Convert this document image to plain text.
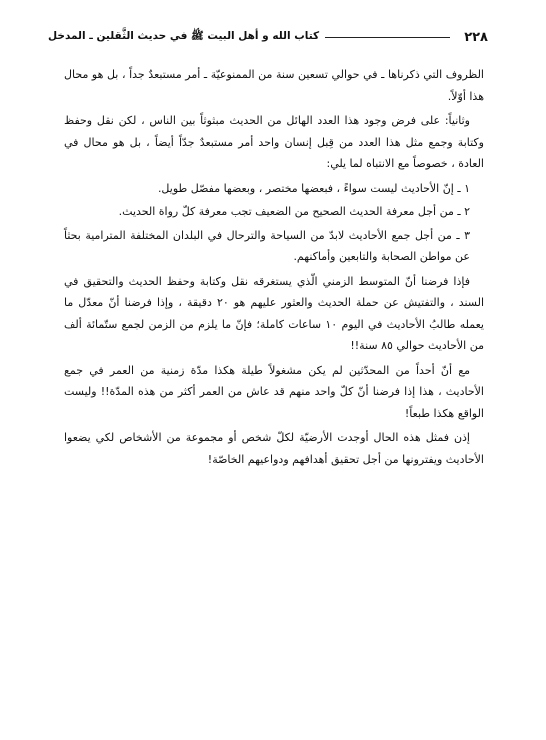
٢٢٨
كتاب الله و أهل البيت ﷺ في حديث الثَّقلين ـ المدخل

الظروف التي ذكرناها ـ في حوالي تسعين سنة من الممنوعيّة ـ أمر مستبعدٌ جداً ، بل هو محال هذا أوّلاً.

وثانياً: على فرض وجود هذا العدد الهائل من الحديث مبثوثاً بين الناس ، لكن نقل وحفظ وكتابة وجمع مثل هذا العدد من قِبل إنسان واحد أمر مستبعدٌ جدّاً أيضاً ، بل هو محال في العادة ، خصوصاً مع الانتباه لما يلي:

١ ـ إنّ الأحاديث ليست سواءً ، فبعضها مختصر ، وبعضها مفصّل طويل.
٢ ـ من أجل معرفة الحديث الصحيح من الضعيف تجب معرفة كلّ رواة الحديث.
٣ ـ من أجل جمع الأحاديث لابدّ من السياحة والترحال في البلدان المختلفة المترامية بحثاً عن مواطن الصحابة والتابعين وأماكنهم.

فإذا فرضنا أنّ المتوسط الزمني الّذي يستغرقه نقل وكتابة وحفظ الحديث والتحقيق في السند ، والتفتيش عن حملة الحديث والعثور عليهم هو ٢٠ دقيقة ، وإذا فرضنا أنّ معدّل ما يعمله طالبُ الأحاديث في اليوم ١٠ ساعات كاملة؛ فإنّ ما يلزم من الزمن لجمع ستّمائة ألف من الأحاديث حوالي ٨٥ سنة!!

مع أنّ أحداً من المحدّثين لم يكن مشغولاً طيلة هكذا مدّة زمنية من العمر في جمع الأحاديث ، هذا إذا فرضنا أنّ كلّ واحد منهم قد عاش من العمر أكثر من هذه المدّة!! وليست الواقع هكذا طبعاً!

إذن فمثل هذه الحال أوجدت الأرضيّة لكلّ شخص أو مجموعة من الأشخاص لكي يضعوا الأحاديث ويفترونها من أجل تحقيق أهدافهم ودواعيهم الخاصّة!
